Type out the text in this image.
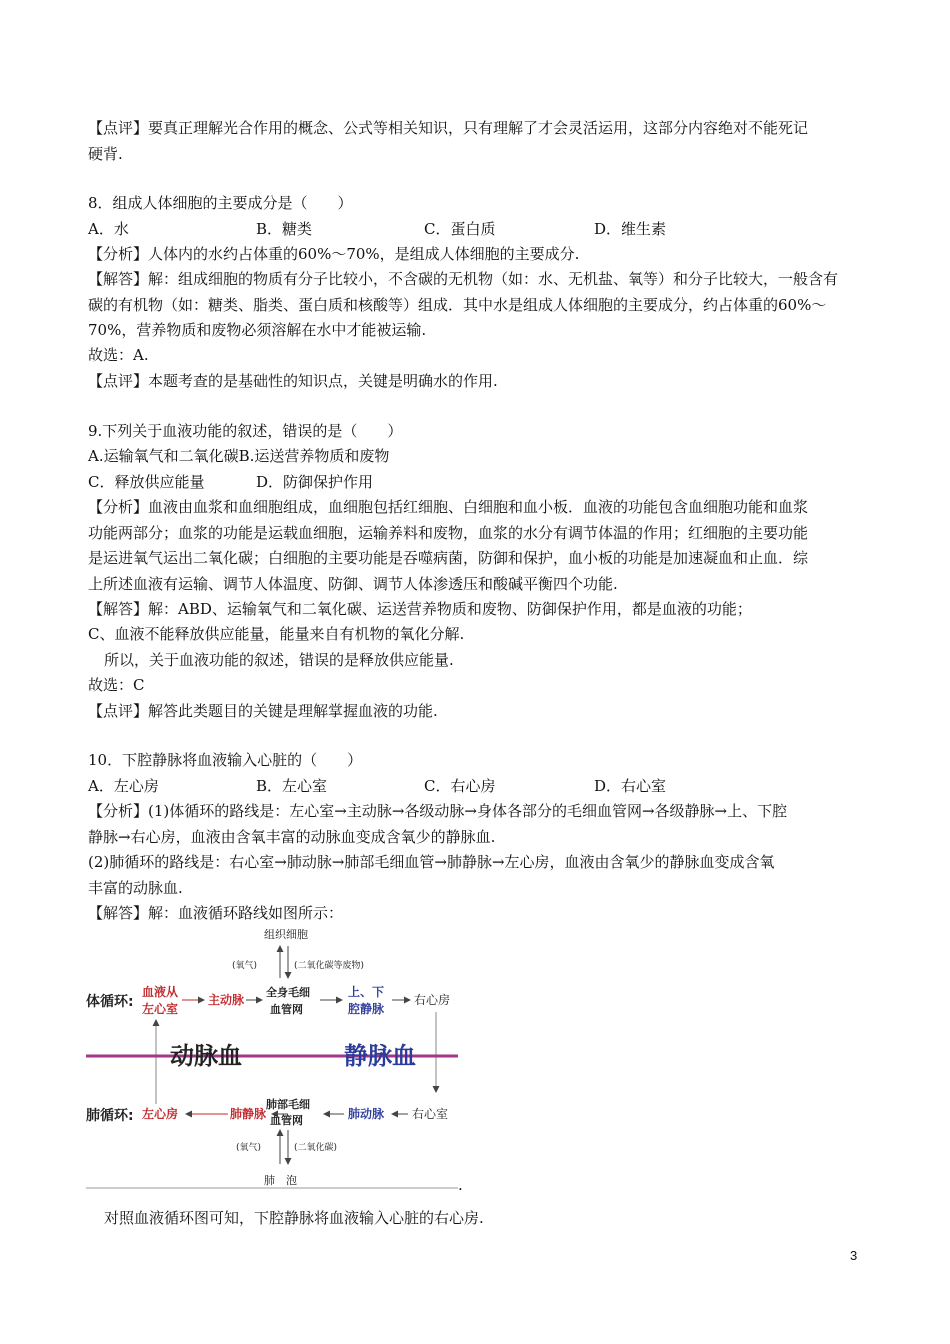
【点评】要真正理解光合作用的概念、公式等相关知识，只有理解了才会灵活运用，这部分内容绝对不能死记
硬背.
8．组成人体细胞的主要成分是（　　）
A．水	B．糖类	C．蛋白质	D．维生素
【分析】人体内的水约占体重的60%～70%，是组成人体细胞的主要成分.
【解答】解：组成细胞的物质有分子比较小，不含碳的无机物（如：水、无机盐、氧等）和分子比较大，一般含有
碳的有机物（如：糖类、脂类、蛋白质和核酸等）组成．其中水是组成人体细胞的主要成分，约占体重的60%～
70%，营养物质和废物必须溶解在水中才能被运输.
故选：A.
【点评】本题考查的是基础性的知识点，关键是明确水的作用.
9.下列关于血液功能的叙述，错误的是（　　）
A.运输氧气和二氧化碳B.运送营养物质和废物
C．释放供应能量	D．防御保护作用
【分析】血液由血浆和血细胞组成，血细胞包括红细胞、白细胞和血小板．血液的功能包含血细胞功能和血浆
功能两部分；血浆的功能是运载血细胞，运输养料和废物，血浆的水分有调节体温的作用；红细胞的主要功能
是运进氧气运出二氧化碳；白细胞的主要功能是吞噬病菌，防御和保护，血小板的功能是加速凝血和止血．综
上所述血液有运输、调节人体温度、防御、调节人体渗透压和酸碱平衡四个功能.
【解答】解：ABD、运输氧气和二氧化碳、运送营养物质和废物、防御保护作用，都是血液的功能；
C、血液不能释放供应能量，能量来自有机物的氧化分解.
所以，关于血液功能的叙述，错误的是释放供应能量.
故选：C
【点评】解答此类题目的关键是理解掌握血液的功能.
10．下腔静脉将血液输入心脏的（　　）
A．左心房	B．左心室	C．右心房	D．右心室
【分析】(1)体循环的路线是：左心室→主动脉→各级动脉→身体各部分的毛细血管网→各级静脉→上、下腔
静脉→右心房，血液由含氧丰富的动脉血变成含氧少的静脉血.
(2)肺循环的路线是：右心室→肺动脉→肺部毛细血管→肺静脉→左心房，血液由含氧少的静脉血变成含氧
丰富的动脉血.
【解答】解：血液循环路线如图所示：
组织细胞
(氧气)	(二氧化碳等废物)
体循环:
血液从
左心室
主动脉
全身毛细
血管网
上、下
腔静脉
右心房
动脉血	静脉血
肺循环: 左心房	肺静脉
肺部毛细
血管网	肺动脉 右心室
(氧气)	(二氧化碳)
肺　泡	.
对照血液循环图可知，下腔静脉将血液输入心脏的右心房.
3
